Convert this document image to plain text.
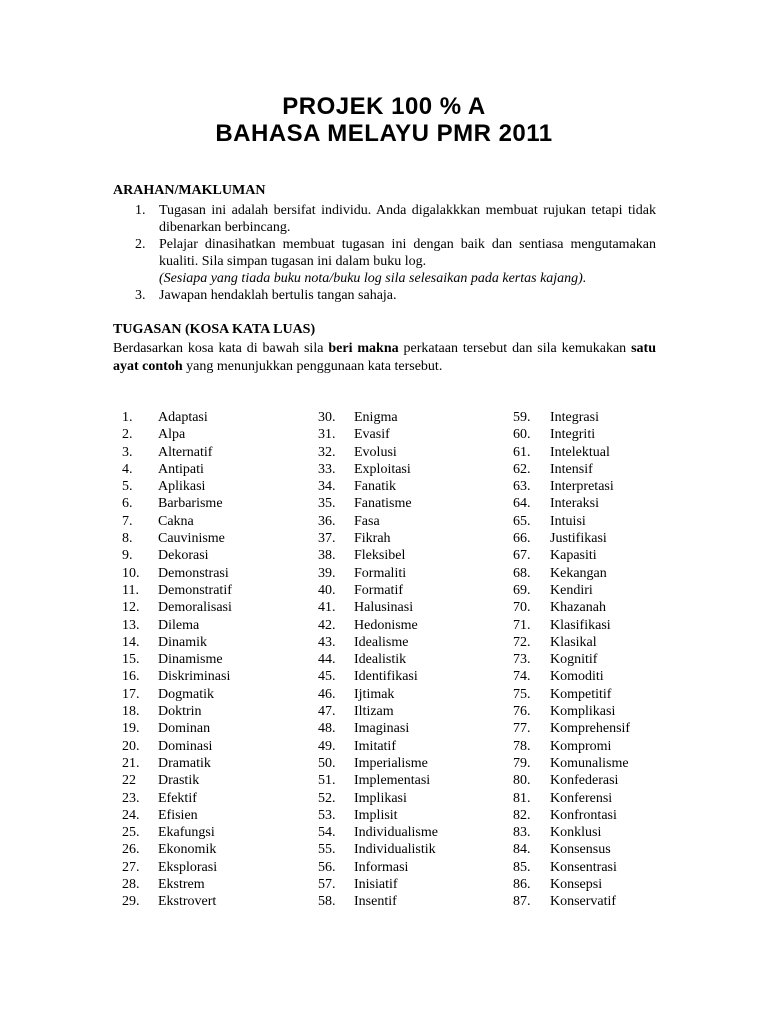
PROJEK 100 % A
BAHASA MELAYU PMR 2011
ARAHAN/MAKLUMAN
1. Tugasan ini adalah bersifat individu. Anda digalakkkan membuat rujukan tetapi tidak dibenarkan berbincang.
2. Pelajar dinasihatkan membuat tugasan ini dengan baik dan sentiasa mengutamakan kualiti. Sila simpan tugasan ini dalam buku log.
(Sesiapa yang tiada buku nota/buku log sila selesaikan pada kertas kajang).
3. Jawapan hendaklah bertulis tangan sahaja.
TUGASAN (KOSA KATA LUAS)
Berdasarkan kosa kata di bawah sila beri makna perkataan tersebut dan sila kemukakan satu ayat contoh yang menunjukkan penggunaan kata tersebut.
1. Adaptasi
2. Alpa
3. Alternatif
4. Antipati
5. Aplikasi
6. Barbarisme
7. Cakna
8. Cauvinisme
9. Dekorasi
10. Demonstrasi
11. Demonstratif
12. Demoralisasi
13. Dilema
14. Dinamik
15. Dinamisme
16. Diskriminasi
17. Dogmatik
18. Doktrin
19. Dominan
20. Dominasi
21. Dramatik
22 Drastik
23. Efektif
24. Efisien
25. Ekafungsi
26. Ekonomik
27. Eksplorasi
28. Ekstrem
29. Ekstrovert
30. Enigma
31. Evasif
32. Evolusi
33. Exploitasi
34. Fanatik
35. Fanatisme
36. Fasa
37. Fikrah
38. Fleksibel
39. Formaliti
40. Formatif
41. Halusinasi
42. Hedonisme
43. Idealisme
44. Idealistik
45. Identifikasi
46. Ijtimak
47. Iltizam
48. Imaginasi
49. Imitatif
50. Imperialisme
51. Implementasi
52. Implikasi
53. Implisit
54. Individualisme
55. Individualistik
56. Informasi
57. Inisiatif
58. Insentif
59. Integrasi
60. Integriti
61. Intelektual
62. Intensif
63. Interpretasi
64. Interaksi
65. Intuisi
66. Justifikasi
67. Kapasiti
68. Kekangan
69. Kendiri
70. Khazanah
71. Klasifikasi
72. Klasikal
73. Kognitif
74. Komoditi
75. Kompetitif
76. Komplikasi
77. Komprehensif
78. Kompromi
79. Komunalisme
80. Konfederasi
81. Konferensi
82. Konfrontasi
83. Konklusi
84. Konsensus
85. Konsentrasi
86. Konsepsi
87. Konservatif
